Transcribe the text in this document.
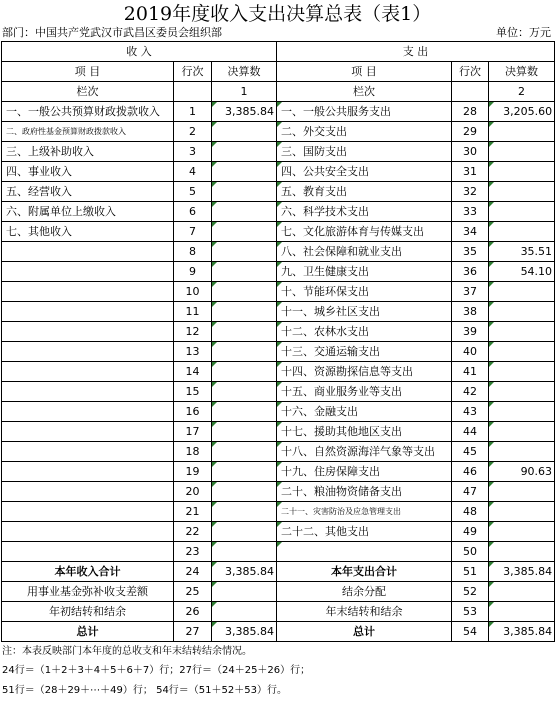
2019年度收入支出决算总表（表1）
部门：中国共产党武汉市武昌区委员会组织部	单位：万元
收 入			支 出		
项 目	行次	决算数	项 目	行次	决算数
栏次		1	栏次		2
一、一般公共预算财政拨款收入	1	3,385.84	一、一般公共服务支出	28	3,205.60
二、政府性基金预算财政拨款收入	2		二、外交支出	29	
三、上级补助收入	3		三、国防支出	30	
四、事业收入	4		四、公共安全支出	31	
五、经营收入	5		五、教育支出	32	
六、附属单位上缴收入	6		六、科学技术支出	33	
七、其他收入	7		七、文化旅游体育与传媒支出	34	
	8		八、社会保障和就业支出	35	35.51
	9		九、卫生健康支出	36	54.10
	10		十、节能环保支出	37	
	11		十一、城乡社区支出	38	
	12		十二、农林水支出	39	
	13		十三、交通运输支出	40	
	14		十四、资源勘探信息等支出	41	
	15		十五、商业服务业等支出	42	
	16		十六、金融支出	43	
	17		十七、援助其他地区支出	44	
	18		十八、自然资源海洋气象等支出	45	
	19		十九、住房保障支出	46	90.63
	20		二十、粮油物资储备支出	47	
	21		二十一、灾害防治及应急管理支出	48	
	22		二十二、其他支出	49	
	23			50	
本年收入合计	24	3,385.84	本年支出合计	51	3,385.84
用事业基金弥补收支差额	25		结余分配	52	
年初结转和结余	26		年末结转和结余	53	
总计	27	3,385.84	总计	54	3,385.84
注：本表反映部门本年度的总收支和年末结转结余情况。
24行＝（1＋2＋3＋4＋5＋6＋7）行；27行＝（24＋25＋26）行；
51行＝（28＋29＋⋯＋49）行； 54行＝（51＋52＋53）行。
